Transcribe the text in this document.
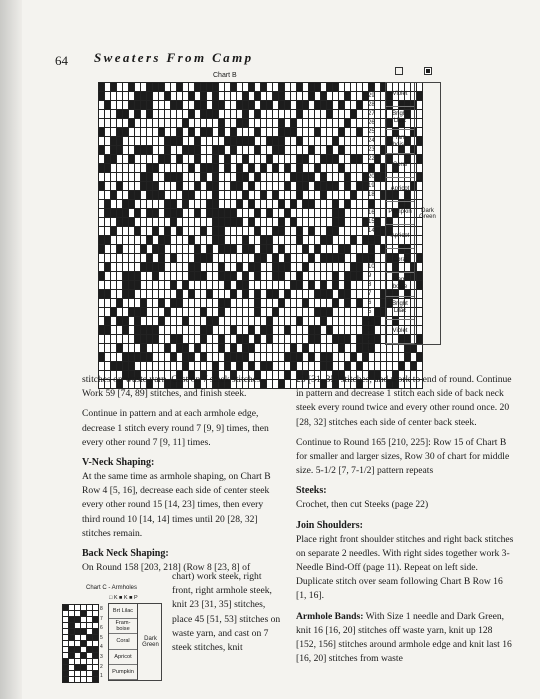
64 Sweaters From Camp
Chart B
30
29
28
27
26
25
24
23
22
21
20
19
18
17
16
15
14
13
12
11
10
9
8
7
6
5
4
3
2
1
Violet
Bright Lilac
Fram- boise
Coral
Apricot
Pumpkin
Apricot
Coral
Fram- boise
Bright Lilac
Violet
Dark Green

stitches on waste yarn. Cast on 7 steek stitches. Work 59 [74, 89] stitches, and finish steek.

Continue in pattern and at each armhole edge, decrease 1 stitch every round 7 [9, 9] times, then every other round 7 [9, 11] times.

V-Neck Shaping:

At the same time as armhole shaping, on Chart B Row 4 [5, 16], decrease each side of center steek every other round 15 [14, 23] times, then every third round 10 [14, 14] times until 20 [28, 32] stitches remain.

Back Neck Shaping:
On Round 158 [203, 218] (Row 8 [23, 8] of
chart) work steek, right front, right armhole steek, knit 23 [31, 35] stitches, place 45 [51, 53] stitches on waste yarn, and cast on 7 steek stitches, knit
Chart C - Armholes
□ K ■ K ■ P
8
7
6
5
4
3
2
1
Dark Green
Brt Lilac
Fram- boise
Coral
Apricot
Pumpkin

23 [31, 35] stitches, and work to end of round. Continue in pattern and decrease 1 stitch each side of back neck steek every round twice and every other round once. 20 [28, 32] stitches each side of center back steek.

Continue to Round 165 [210, 225]: Row 15 of Chart B for smaller and larger sizes, Row 30 of chart for middle size. 5-1/2 [7, 7-1/2] pattern repeats

Steeks:

Crochet, then cut Steeks (page 22)

Join Shoulders:

Place right front shoulder stitches and right back stitches on separate 2 needles. With right sides together work 3-Needle Bind-Off (page 11). Repeat on left side. Duplicate stitch over seam following Chart B Row 16 [1, 16].

Armhole Bands: With Size 1 needle and Dark Green, knit 16 [16, 20] stitches off waste yarn, knit up 128 [152, 156] stitches around armhole edge and knit last 16 [16, 20] stitches from waste
